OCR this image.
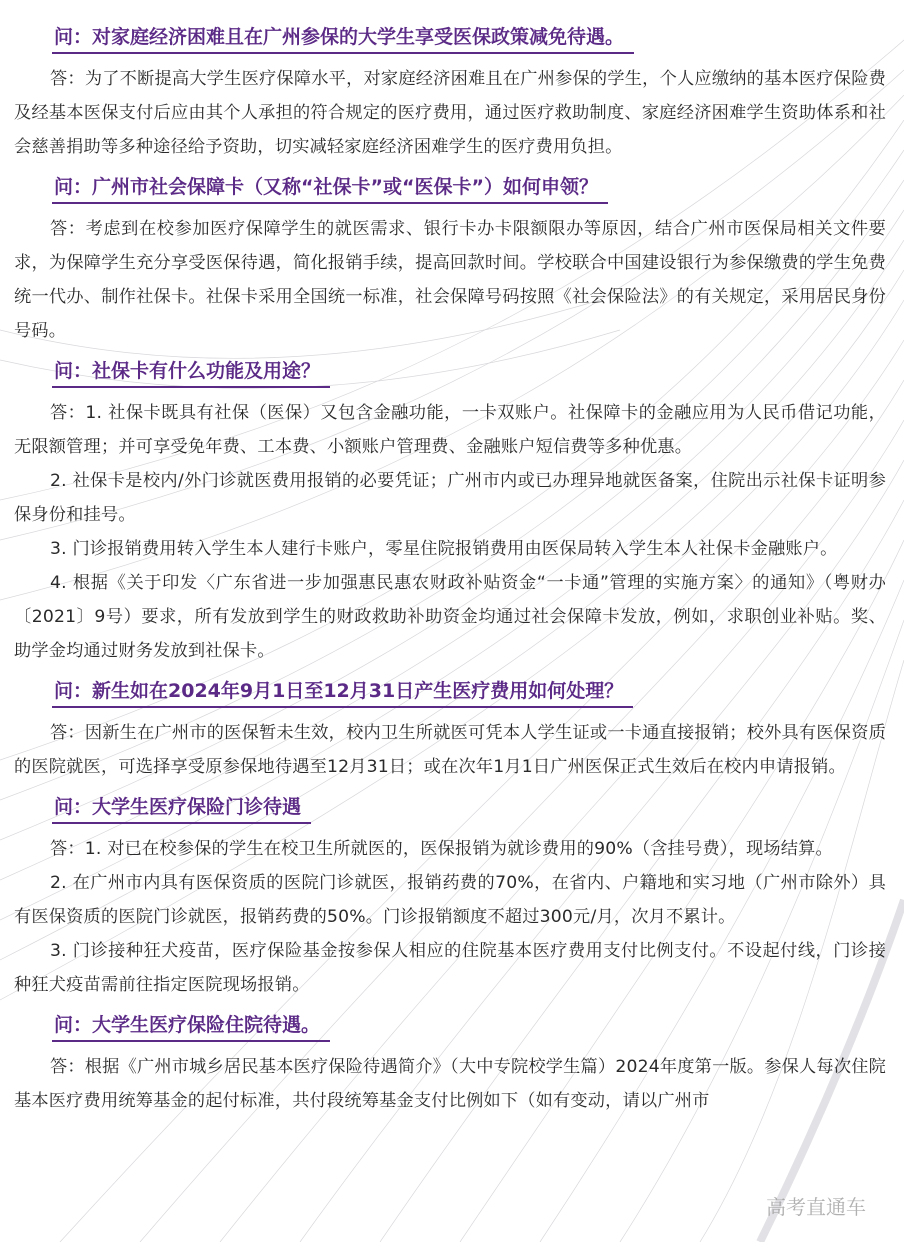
问：对家庭经济困难且在广州参保的大学生享受医保政策减免待遇。

答：为了不断提高大学生医疗保障水平，对家庭经济困难且在广州参保的学生，个人应缴纳的基本医疗保险费及经基本医保支付后应由其个人承担的符合规定的医疗费用，通过医疗救助制度、家庭经济困难学生资助体系和社会慈善捐助等多种途径给予资助，切实减轻家庭经济困难学生的医疗费用负担。

问：广州市社会保障卡（又称“社保卡”或“医保卡”）如何申领？

答：考虑到在校参加医疗保障学生的就医需求、银行卡办卡限额限办等原因，结合广州市医保局相关文件要求，为保障学生充分享受医保待遇，简化报销手续，提高回款时间。学校联合中国建设银行为参保缴费的学生免费统一代办、制作社保卡。社保卡采用全国统一标准，社会保障号码按照《社会保险法》的有关规定，采用居民身份号码。

问：社保卡有什么功能及用途？

答：1. 社保卡既具有社保（医保）又包含金融功能，一卡双账户。社保障卡的金融应用为人民币借记功能，无限额管理；并可享受免年费、工本费、小额账户管理费、金融账户短信费等多种优惠。

2. 社保卡是校内/外门诊就医费用报销的必要凭证；广州市内或已办理异地就医备案，住院出示社保卡证明参保身份和挂号。

3. 门诊报销费用转入学生本人建行卡账户，零星住院报销费用由医保局转入学生本人社保卡金融账户。

4. 根据《关于印发〈广东省进一步加强惠民惠农财政补贴资金“一卡通”管理的实施方案〉的通知》（粤财办〔2021〕9号）要求，所有发放到学生的财政救助补助资金均通过社会保障卡发放，例如，求职创业补贴。奖、助学金均通过财务发放到社保卡。

问：新生如在2024年9月1日至12月31日产生医疗费用如何处理？

答：因新生在广州市的医保暂未生效，校内卫生所就医可凭本人学生证或一卡通直接报销；校外具有医保资质的医院就医，可选择享受原参保地待遇至12月31日；或在次年1月1日广州医保正式生效后在校内申请报销。

问：大学生医疗保险门诊待遇

答：1. 对已在校参保的学生在校卫生所就医的，医保报销为就诊费用的90%（含挂号费），现场结算。

2. 在广州市内具有医保资质的医院门诊就医，报销药费的70%，在省内、户籍地和实习地（广州市除外）具有医保资质的医院门诊就医，报销药费的50%。门诊报销额度不超过300元/月，次月不累计。

3. 门诊接种狂犬疫苗，医疗保险基金按参保人相应的住院基本医疗费用支付比例支付。不设起付线，门诊接种狂犬疫苗需前往指定医院现场报销。

问：大学生医疗保险住院待遇。

答：根据《广州市城乡居民基本医疗保险待遇简介》（大中专院校学生篇）2024年度第一版。参保人每次住院基本医疗费用统筹基金的起付标准，共付段统筹基金支付比例如下（如有变动，请以广州市

高考直通车
